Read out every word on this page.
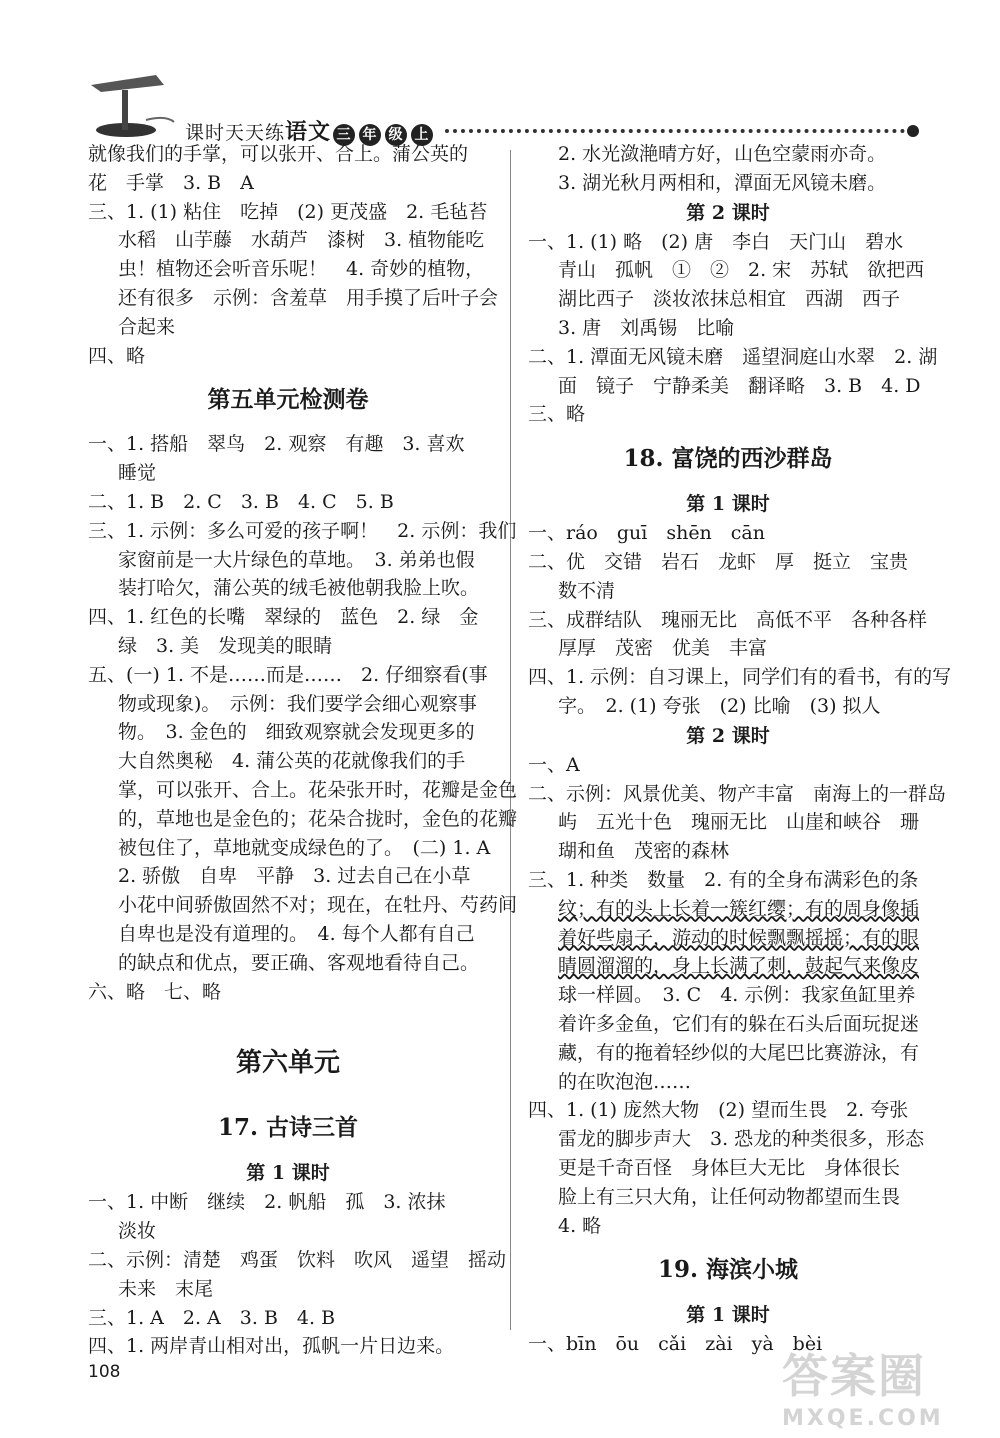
课时天天练语文 三 年 级 上
就像我们的手掌，可以张开、合上。蒲公英的
花　手掌　3. B　A
三、1. (1) 粘住　吃掉　(2) 更茂盛　2. 毛毡苔
水稻　山芋藤　水葫芦　漆树　3. 植物能吃
虫！植物还会听音乐呢！　4. 奇妙的植物，
还有很多　示例：含羞草　用手摸了后叶子会
合起来
四、略
第五单元检测卷
一、1. 搭船　翠鸟　2. 观察　有趣　3. 喜欢
睡觉
二、1. B　2. C　3. B　4. C　5. B
三、1. 示例：多么可爱的孩子啊！　2. 示例：我们
家窗前是一大片绿色的草地。　3. 弟弟也假
装打哈欠，蒲公英的绒毛被他朝我脸上吹。
四、1. 红色的长嘴　翠绿的　蓝色　2. 绿　金
绿　3. 美　发现美的眼睛
五、(一) 1. 不是……而是……　2. 仔细察看(事
物或现象)。　示例：我们要学会细心观察事
物。　3. 金色的　细致观察就会发现更多的
大自然奥秘　4. 蒲公英的花就像我们的手
掌，可以张开、合上。花朵张开时，花瓣是金色
的，草地也是金色的；花朵合拢时，金色的花瓣
被包住了，草地就变成绿色的了。　(二) 1. A
2. 骄傲　自卑　平静　3. 过去自己在小草
小花中间骄傲固然不对；现在，在牡丹、芍药间
自卑也是没有道理的。　4. 每个人都有自己
的缺点和优点，要正确、客观地看待自己。
六、略　七、略
第六单元
17. 古诗三首
第 1 课时
一、1. 中断　继续　2. 帆船　孤　3. 浓抹
淡妆
二、示例：清楚　鸡蛋　饮料　吹风　遥望　摇动
未来　末尾
三、1. A　2. A　3. B　4. B
四、1. 两岸青山相对出，孤帆一片日边来。
2. 水光潋滟晴方好，山色空蒙雨亦奇。
3. 湖光秋月两相和，潭面无风镜未磨。
第 2 课时
一、1. (1) 略　(2) 唐　李白　天门山　碧水
青山　孤帆　①　②　2. 宋　苏轼　欲把西
湖比西子　淡妆浓抹总相宜　西湖　西子
3. 唐　刘禹锡　比喻
二、1. 潭面无风镜未磨　遥望洞庭山水翠　2. 湖
面　镜子　宁静柔美　翻译略　3. B　4. D
三、略
18. 富饶的西沙群岛
第 1 课时
一、ráo　guī　shēn　cān
二、优　交错　岩石　龙虾　厚　挺立　宝贵
数不清
三、成群结队　瑰丽无比　高低不平　各种各样
厚厚　茂密　优美　丰富
四、1. 示例：自习课上，同学们有的看书，有的写
字。　2. (1) 夸张　(2) 比喻　(3) 拟人
第 2 课时
一、A
二、示例：风景优美、物产丰富　南海上的一群岛
屿　五光十色　瑰丽无比　山崖和峡谷　珊
瑚和鱼　茂密的森林
三、1. 种类　数量　2. 有的全身布满彩色的条
纹；有的头上长着一簇红缨；有的周身像插
着好些扇子，游动的时候飘飘摇摇；有的眼
睛圆溜溜的，身上长满了刺，鼓起气来像皮
球一样圆。　3. C　4. 示例：我家鱼缸里养
着许多金鱼，它们有的躲在石头后面玩捉迷
藏，有的拖着轻纱似的大尾巴比赛游泳，有
的在吹泡泡……
四、1. (1) 庞然大物　(2) 望而生畏　2. 夸张
雷龙的脚步声大　3. 恐龙的种类很多，形态
更是千奇百怪　身体巨大无比　身体很长
脸上有三只大角，让任何动物都望而生畏
4. 略
19. 海滨小城
第 1 课时
一、bīn　ōu　cǎi　zài　yà　bèi
108	答案圈
MXQE.COM
